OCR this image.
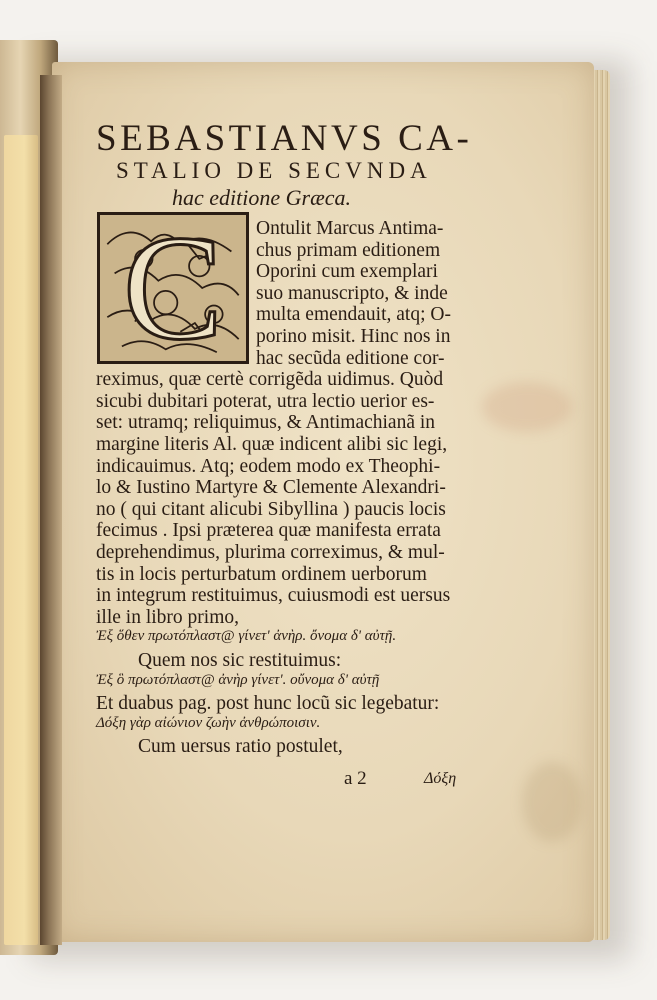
SEBASTIANVS CA-
STALIO DE SECVNDA
hac editione Græca.
C	Ontulit Marcus Antima-
chus primam editionem
Oporini cum exemplari
suo manuscripto, & inde
multa emendauit, atq; O-
porino misit. Hinc nos in
hac secũda editione cor-
reximus, quæ certè corrigẽda uidimus. Quòd
sicubi dubitari poterat, utra lectio uerior es-
set: utramq; reliquimus, & Antimachianã in
margine literis Al. quæ indicent alibi sic legi,
indicauimus. Atq; eodem modo ex Theophi-
lo & Iustino Martyre & Clemente Alexandri-
no ( qui citant alicubi Sibyllina ) paucis locis
fecimus . Ipsi præterea quæ manifesta errata
deprehendimus, plurima correximus, & mul-
tis in locis perturbatum ordinem uerborum
in integrum restituimus, cuiusmodi est uersus
ille in libro primo,
Ἐξ ὅθεν πρωτόπλαστ@ γίνετ' ἀνὴρ. ὄνομα δ' αὐτῇ.
Quem nos sic restituimus:
Ἐξ ὃ πρωτόπλαστ@ ἀνὴρ γίνετ'. οὔνομα δ' αὐτῇ
Et duabus pag. post hunc locũ sic legebatur:
Δόξη γὰρ αἰώνιον ζωὴν ἀνθρώποισιν.
Cum uersus ratio postulet,
a 2	Δόξη
